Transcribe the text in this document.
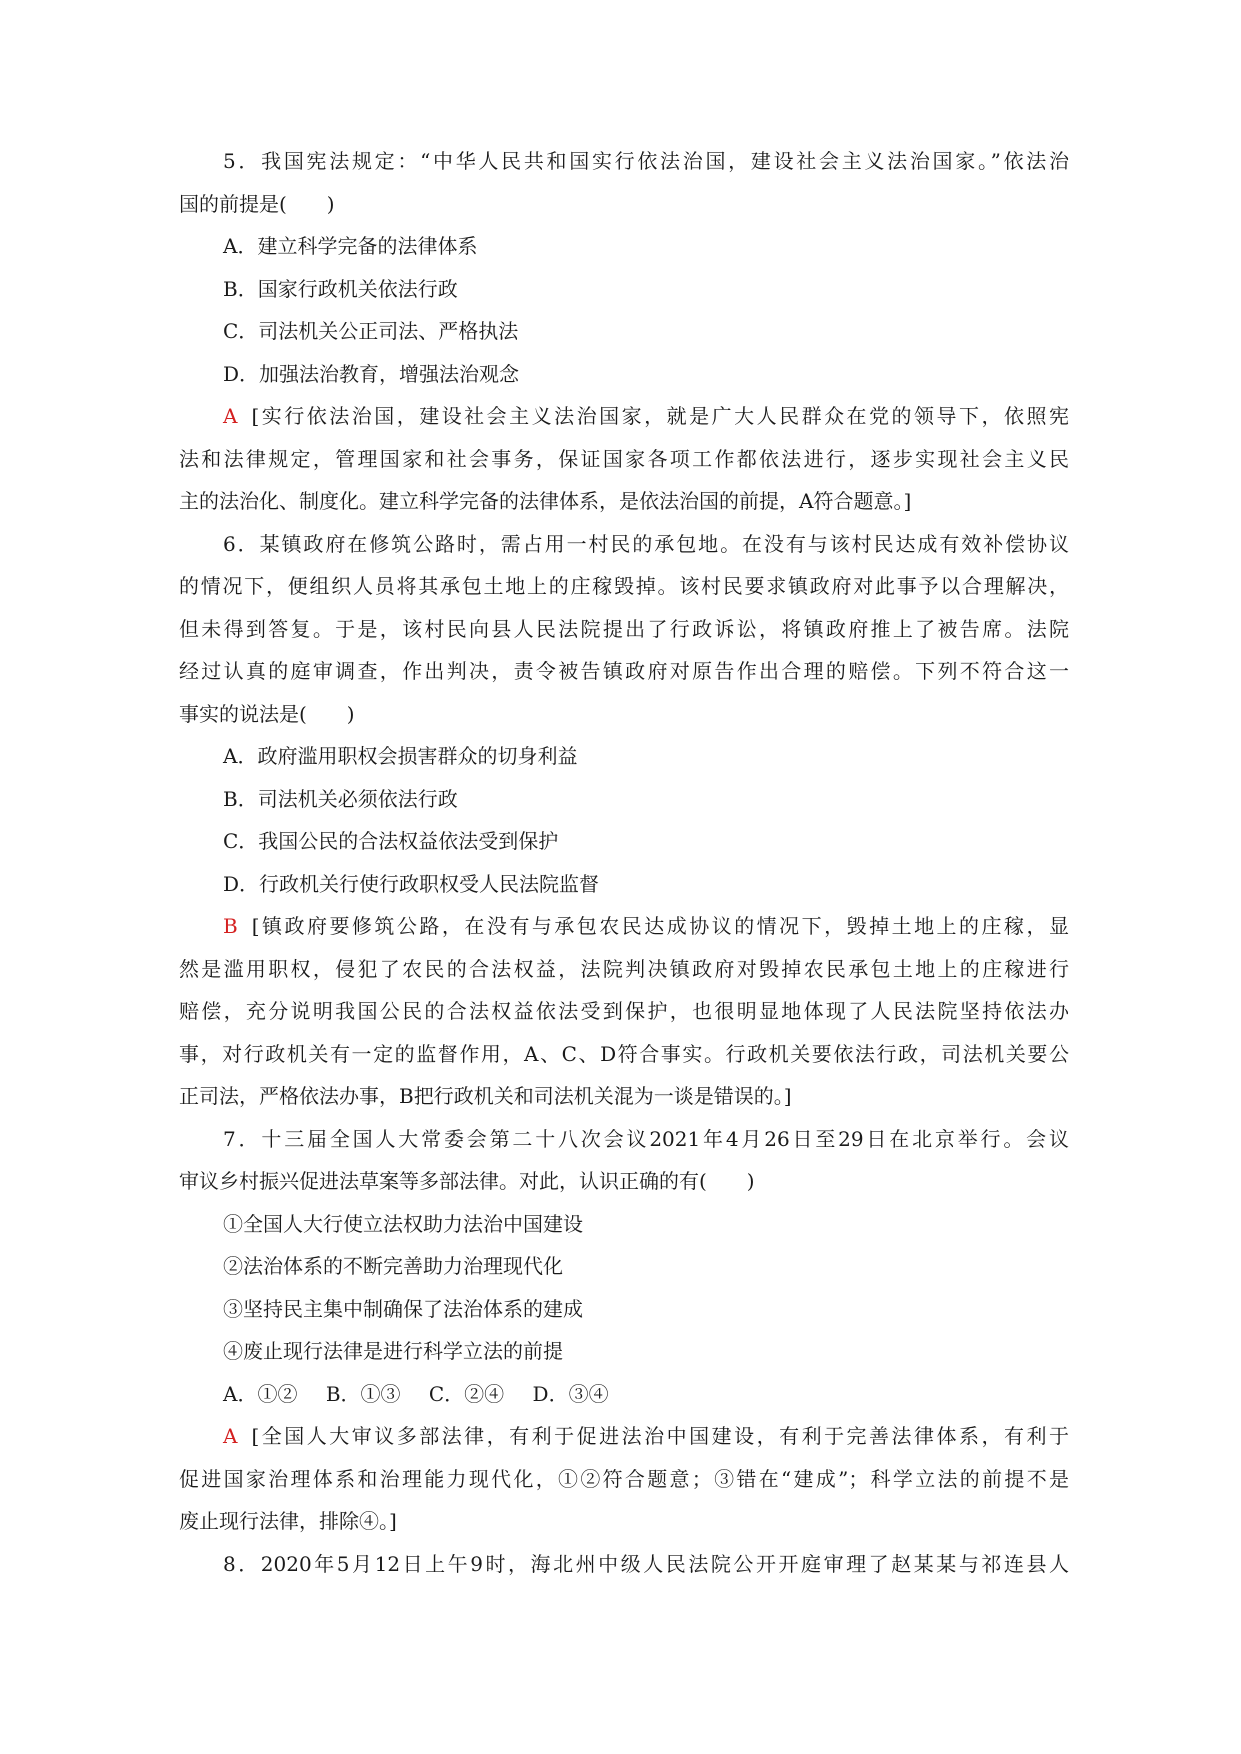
5．我国宪法规定：“中华人民共和国实行依法治国，建设社会主义法治国家。”依法治
国的前提是(　　)
A．建立科学完备的法律体系
B．国家行政机关依法行政
C．司法机关公正司法、严格执法
D．加强法治教育，增强法治观念
A [实行依法治国，建设社会主义法治国家，就是广大人民群众在党的领导下，依照宪
法和法律规定，管理国家和社会事务，保证国家各项工作都依法进行，逐步实现社会主义民
主的法治化、制度化。建立科学完备的法律体系，是依法治国的前提，A符合题意。]
6．某镇政府在修筑公路时，需占用一村民的承包地。在没有与该村民达成有效补偿协议
的情况下，便组织人员将其承包土地上的庄稼毁掉。该村民要求镇政府对此事予以合理解决，
但未得到答复。于是，该村民向县人民法院提出了行政诉讼，将镇政府推上了被告席。法院
经过认真的庭审调查，作出判决，责令被告镇政府对原告作出合理的赔偿。下列不符合这一
事实的说法是(　　)
A．政府滥用职权会损害群众的切身利益
B．司法机关必须依法行政
C．我国公民的合法权益依法受到保护
D．行政机关行使行政职权受人民法院监督
B [镇政府要修筑公路，在没有与承包农民达成协议的情况下，毁掉土地上的庄稼，显
然是滥用职权，侵犯了农民的合法权益，法院判决镇政府对毁掉农民承包土地上的庄稼进行
赔偿，充分说明我国公民的合法权益依法受到保护，也很明显地体现了人民法院坚持依法办
事，对行政机关有一定的监督作用，A、C、D符合事实。行政机关要依法行政，司法机关要公
正司法，严格依法办事，B把行政机关和司法机关混为一谈是错误的。]
7．十三届全国人大常委会第二十八次会议2021年4月26日至29日在北京举行。会议
审议乡村振兴促进法草案等多部法律。对此，认识正确的有(　　)
①全国人大行使立法权助力法治中国建设
②法治体系的不断完善助力治理现代化
③坚持民主集中制确保了法治体系的建成
④废止现行法律是进行科学立法的前提
A．①② B．①③ C．②④ D．③④
A [全国人大审议多部法律，有利于促进法治中国建设，有利于完善法律体系，有利于
促进国家治理体系和治理能力现代化，①②符合题意；③错在“建成”；科学立法的前提不是
废止现行法律，排除④。]
8．2020年5月12日上午9时，海北州中级人民法院公开开庭审理了赵某某与祁连县人
